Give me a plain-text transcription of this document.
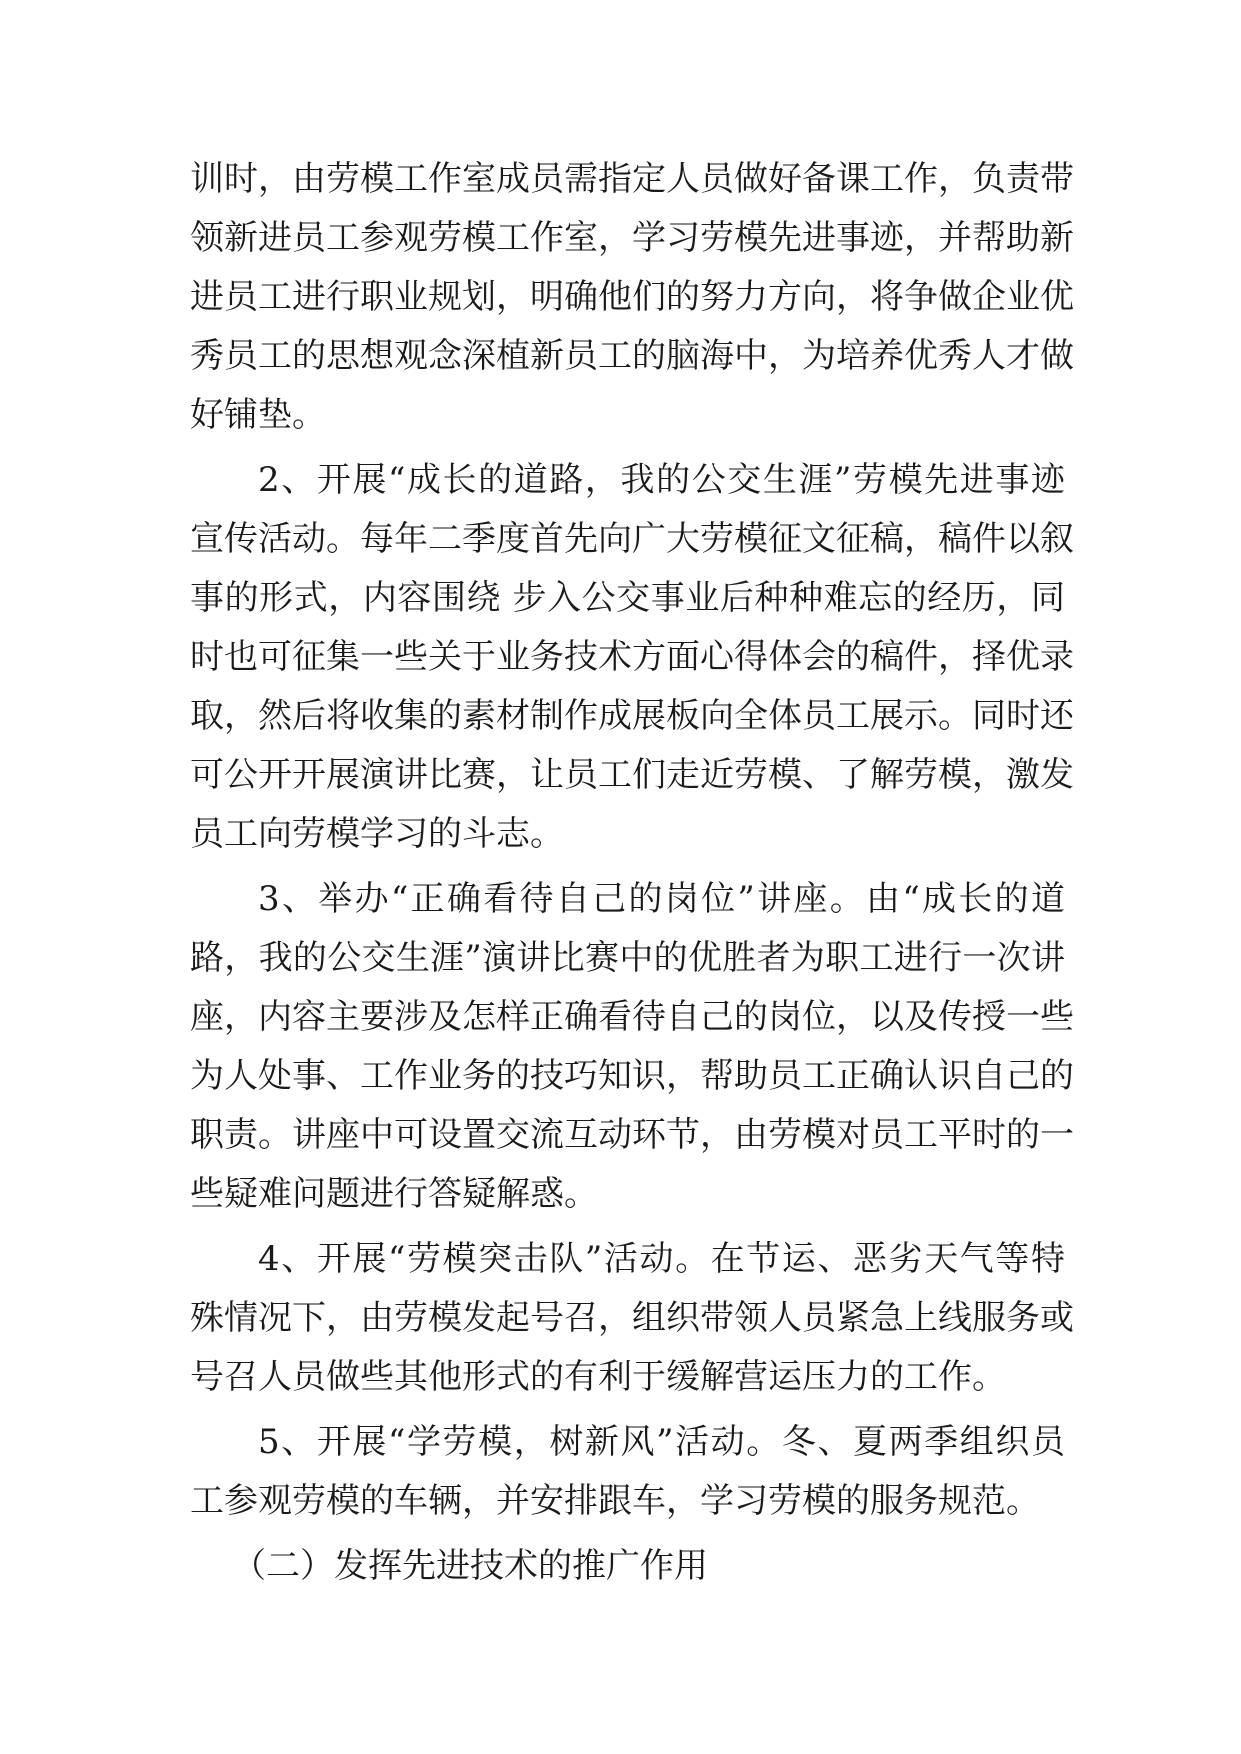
训时，由劳模工作室成员需指定人员做好备课工作，负责带
领新进员工参观劳模工作室，学习劳模先进事迹，并帮助新
进员工进行职业规划，明确他们的努力方向，将争做企业优
秀员工的思想观念深植新员工的脑海中，为培养优秀人才做
好铺垫。
2、开展“成长的道路，我的公交生涯”劳模先进事迹
宣传活动。每年二季度首先向广大劳模征文征稿，稿件以叙
事的形式，内容围绕 步入公交事业后种种难忘的经历，同
时也可征集一些关于业务技术方面心得体会的稿件，择优录
取，然后将收集的素材制作成展板向全体员工展示。同时还
可公开开展演讲比赛，让员工们走近劳模、了解劳模，激发
员工向劳模学习的斗志。
3、举办“正确看待自己的岗位”讲座。由“成长的道
路，我的公交生涯”演讲比赛中的优胜者为职工进行一次讲
座，内容主要涉及怎样正确看待自己的岗位，以及传授一些
为人处事、工作业务的技巧知识，帮助员工正确认识自己的
职责。讲座中可设置交流互动环节，由劳模对员工平时的一
些疑难问题进行答疑解惑。
4、开展“劳模突击队”活动。在节运、恶劣天气等特
殊情况下，由劳模发起号召，组织带领人员紧急上线服务或
号召人员做些其他形式的有利于缓解营运压力的工作。
5、开展“学劳模，树新风”活动。冬、夏两季组织员
工参观劳模的车辆，并安排跟车，学习劳模的服务规范。
（二）发挥先进技术的推广作用
